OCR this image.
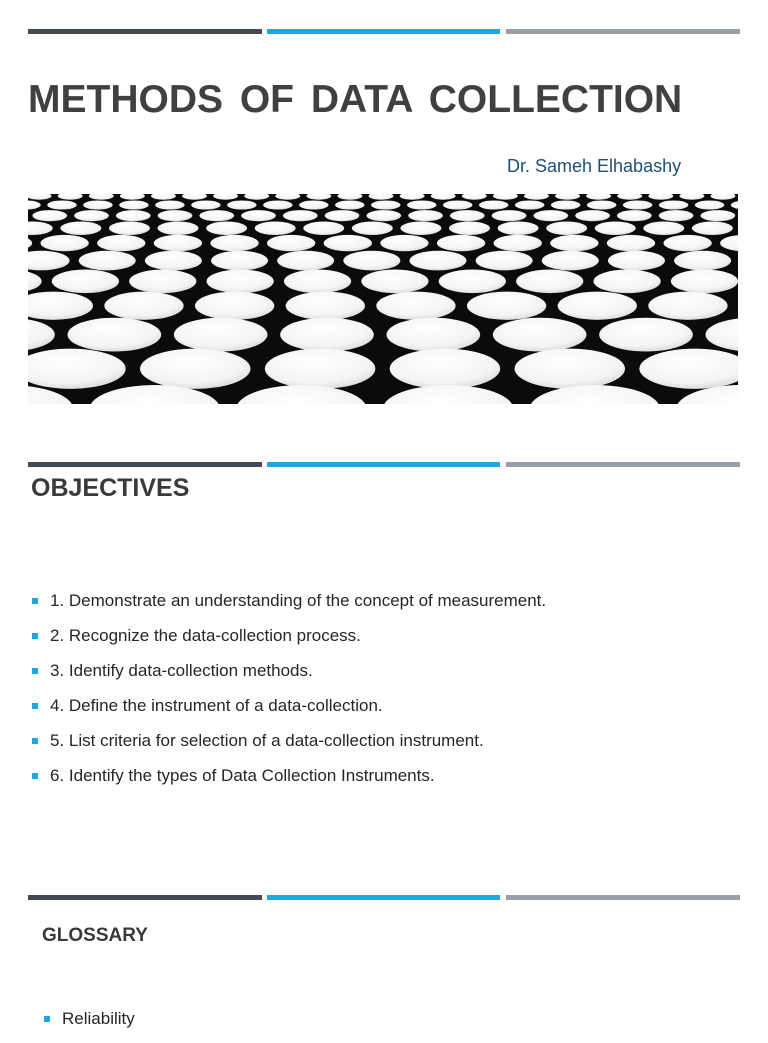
METHODS OF DATA COLLECTION
Dr. Sameh Elhabashy
OBJECTIVES
1. Demonstrate an understanding of the concept of measurement.
2. Recognize the data-collection process.
3. Identify data-collection methods.
4. Define the instrument of a data-collection.
5. List criteria for selection of a data-collection instrument.
6. Identify the types of Data Collection Instruments.
GLOSSARY
Reliability
